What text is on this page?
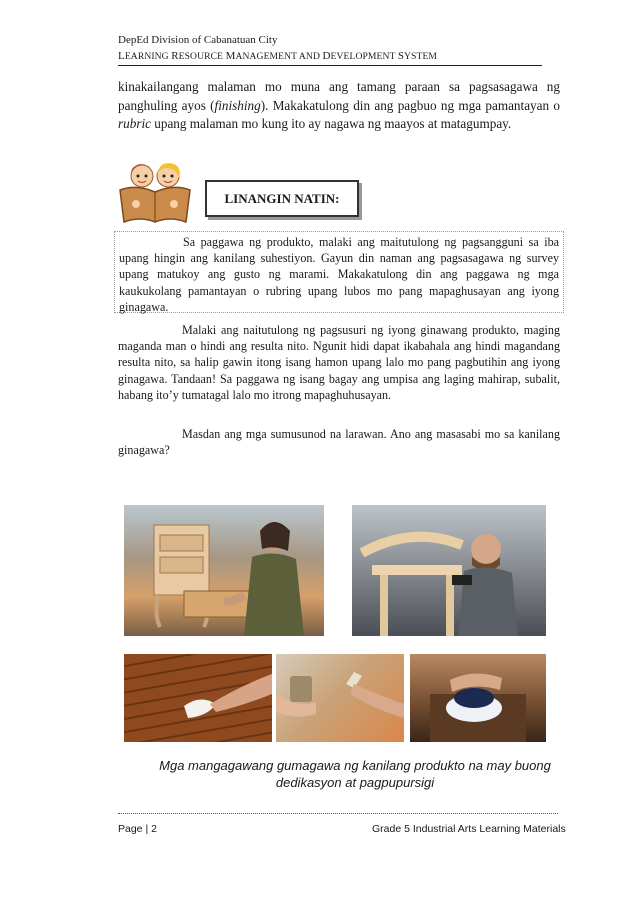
DepEd Division of Cabanatuan City
LEARNING RESOURCE MANAGEMENT AND DEVELOPMENT SYSTEM

kinakailangang malaman mo muna ang tamang paraan sa pagsasagawa ng panghuling ayos (finishing). Makakatulong din ang pagbuo ng mga pamantayan o rubric upang malaman mo kung ito ay nagawa ng maayos at matagumpay.

LINANGIN NATIN:

Sa paggawa ng produkto, malaki ang maitutulong ng pagsangguni sa iba upang hingin ang kanilang suhestiyon. Gayun din naman ang pagsasagawa ng survey upang matukoy ang gusto ng marami. Makakatulong din ang paggawa ng mga kaukukolang pamantayan o rubring upang lubos mo pang mapaghusayan ang iyong ginagawa.

Malaki ang naitutulong ng pagsusuri ng iyong ginawang produkto, maging maganda man o hindi ang resulta nito. Ngunit hidi dapat ikabahala ang hindi magandang resulta nito, sa halip gawin itong isang hamon upang lalo mo pang pagbutihin ang iyong ginagawa. Tandaan! Sa paggawa ng isang bagay ang umpisa ang laging mahirap, subalit, habang ito’y tumatagal lalo mo itrong mapaghuhusayan.

Masdan ang mga sumusunod na larawan. Ano ang masasabi mo sa kanilang ginagawa?

Mga mangagawang gumagawa ng kanilang produkto na may buong
dedikasyon at pagpupursigi
Page | 2	Grade 5 Industrial Arts Learning Materials
